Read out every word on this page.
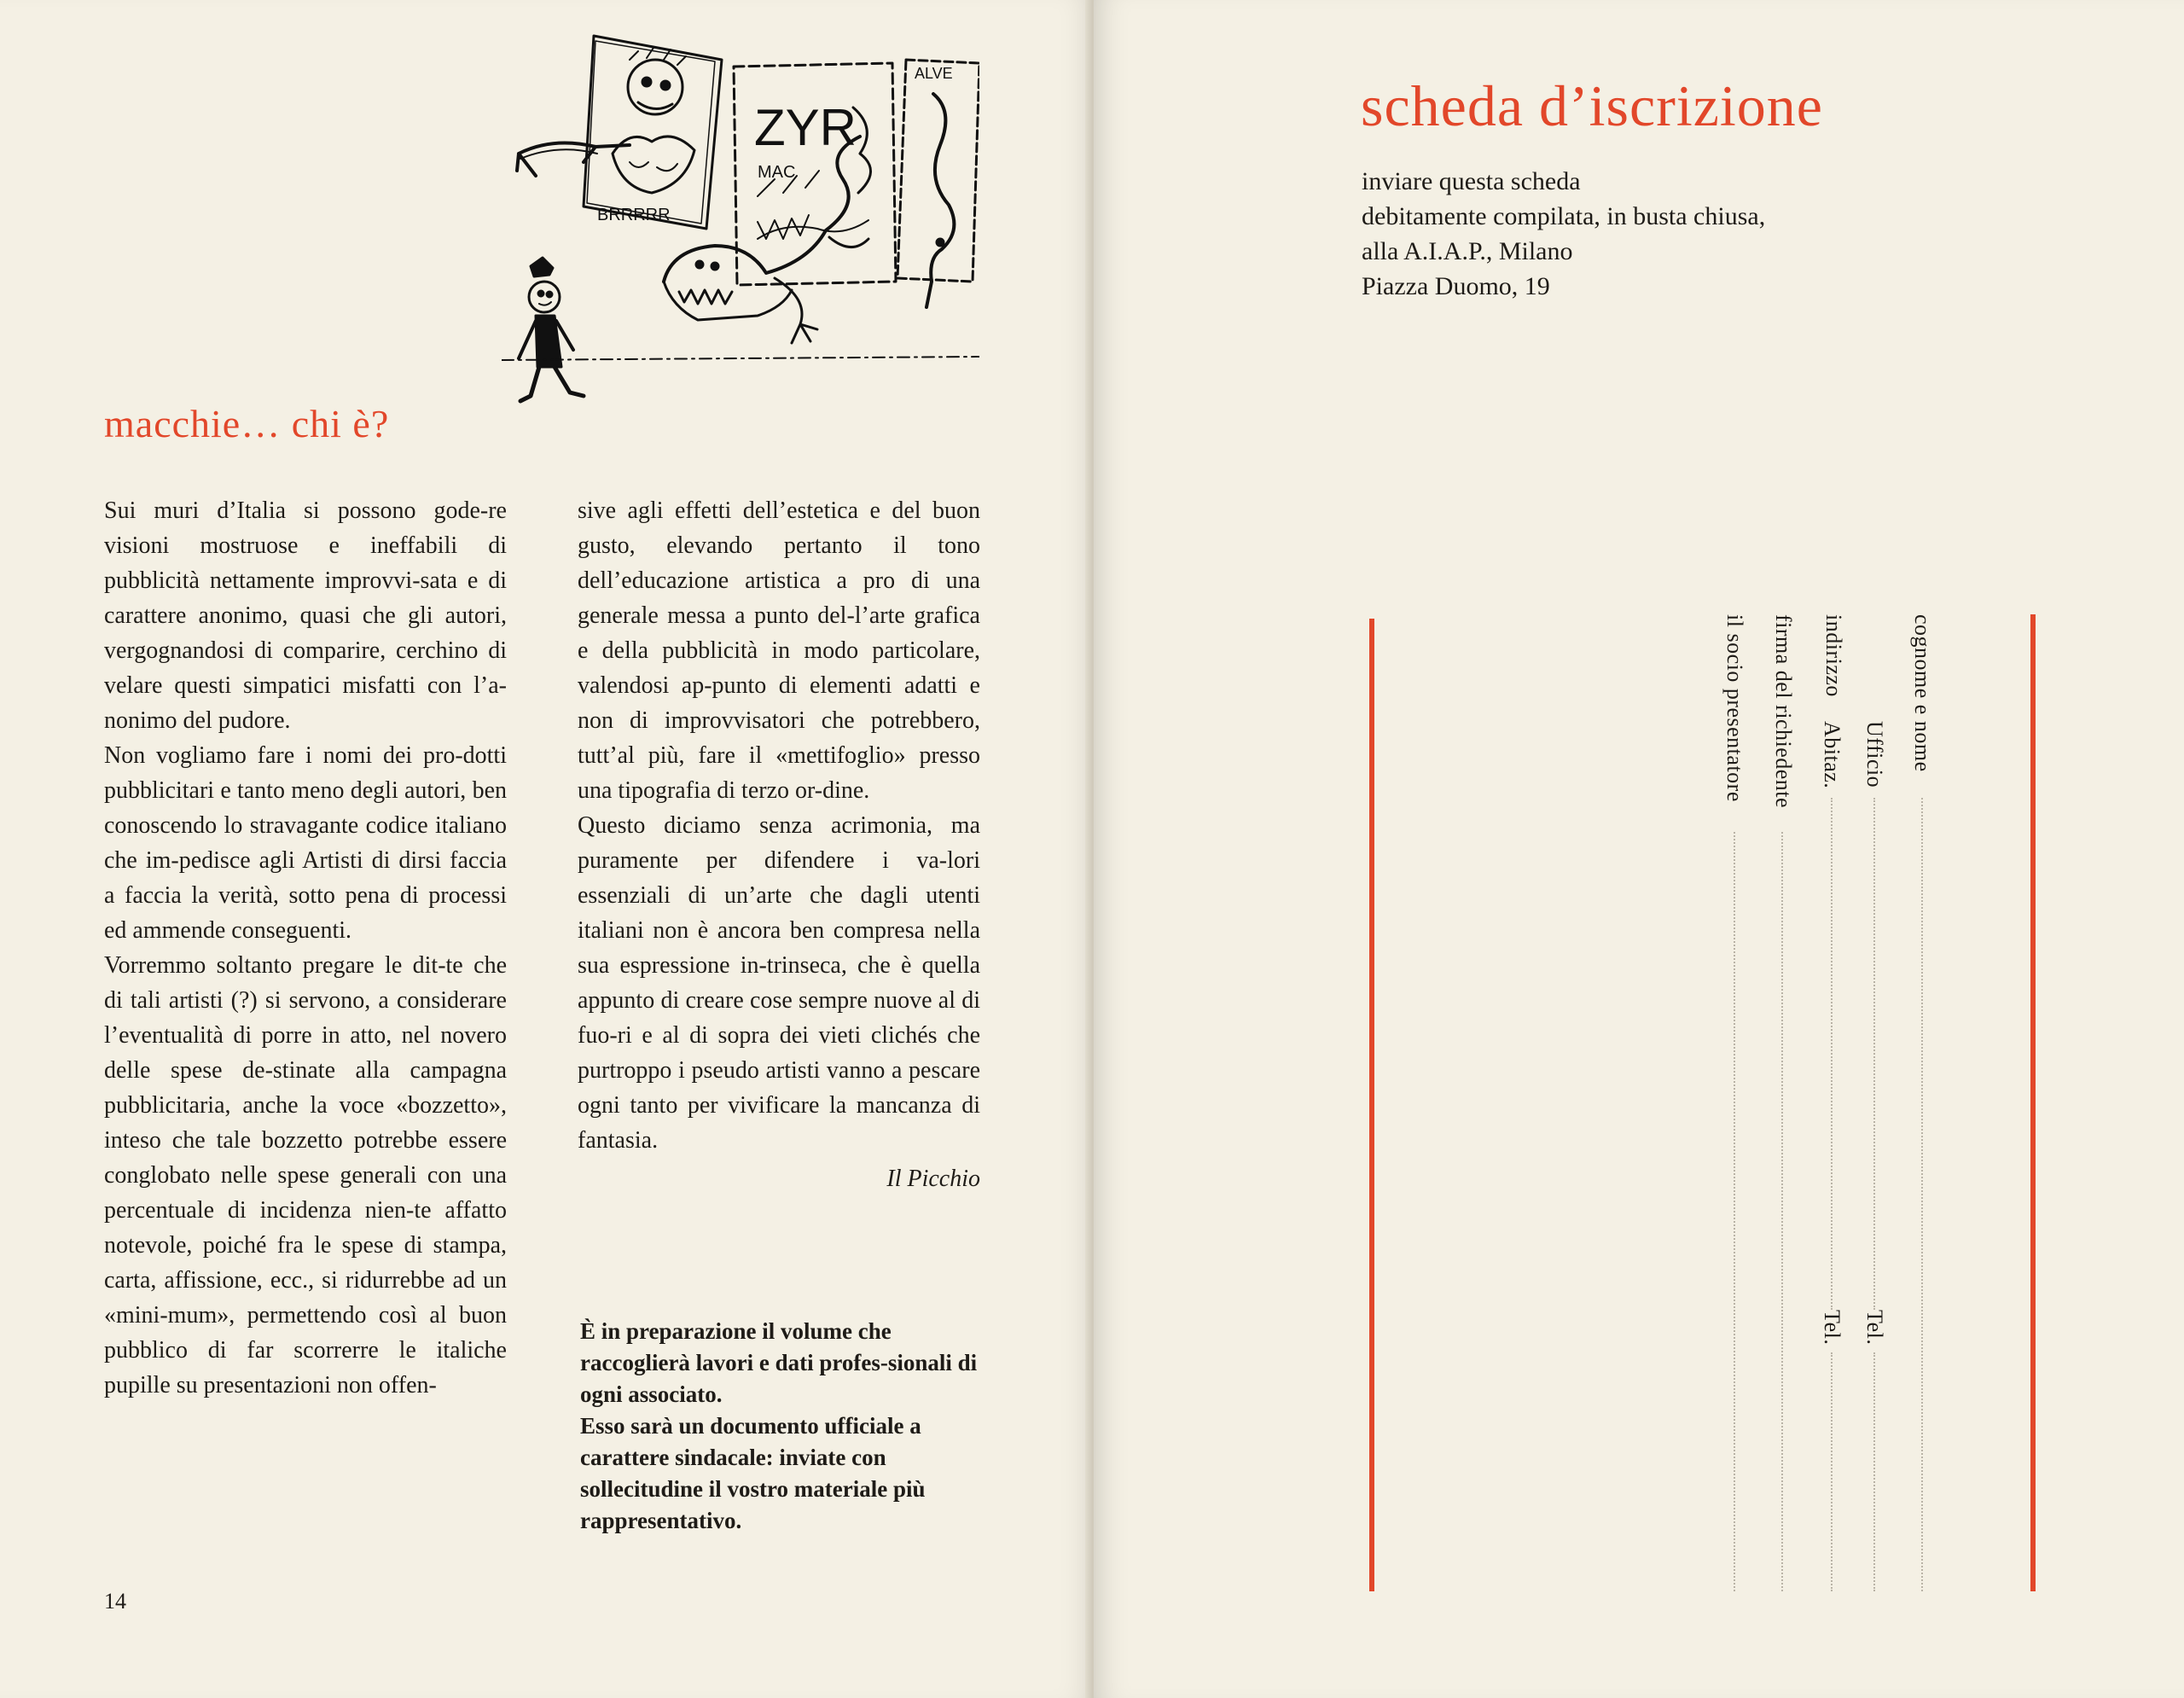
BRRRRR
ZYR
MAC
ALVE
macchie… chi è?

Sui muri d’Italia si possono gode-re visioni mostruose e ineffabili di pubblicità nettamente improvvi-sata e di carattere anonimo, quasi che gli autori, vergognandosi di comparire, cerchino di velare questi simpatici misfatti con l’a-nonimo del pudore.

Non vogliamo fare i nomi dei pro-dotti pubblicitari e tanto meno degli autori, ben conoscendo lo stravagante codice italiano che im-pedisce agli Artisti di dirsi faccia a faccia la verità, sotto pena di processi ed ammende conseguenti.

Vorremmo soltanto pregare le dit-te che di tali artisti (?) si servono, a considerare l’eventualità di porre in atto, nel novero delle spese de-stinate alla campagna pubblicitaria, anche la voce «bozzetto», inteso che tale bozzetto potrebbe essere conglobato nelle spese generali con una percentuale di incidenza nien-te affatto notevole, poiché fra le spese di stampa, carta, affissione, ecc., si ridurrebbe ad un «mini-mum», permettendo così al buon pubblico di far scorrerre le italiche pupille su presentazioni non offen-

sive agli effetti dell’estetica e del buon gusto, elevando pertanto il tono dell’educazione artistica a pro di una generale messa a punto del-l’arte grafica e della pubblicità in modo particolare, valendosi ap-punto di elementi adatti e non di improvvisatori che potrebbero, tutt’al più, fare il «mettifoglio» presso una tipografia di terzo or-dine.

Questo diciamo senza acrimonia, ma puramente per difendere i va-lori essenziali di un’arte che dagli utenti italiani non è ancora ben compresa nella sua espressione in-trinseca, che è quella appunto di creare cose sempre nuove al di fuo-ri e al di sopra dei vieti clichés che purtroppo i pseudo artisti vanno a pescare ogni tanto per vivificare la mancanza di fantasia.

Il Picchio

È in preparazione il volume che raccoglierà lavori e dati profes-sionali di ogni associato.

Esso sarà un documento ufficiale a carattere sindacale: inviate con sollecitudine il vostro materiale più rappresentativo.

14
scheda d’iscrizione
inviare questa scheda
debitamente compilata, in busta chiusa,
alla A.I.A.P., Milano
Piazza Duomo, 19
cognome e nome
indirizzo
Ufficio
Tel.
Abitaz.
Tel.
firma del richiedente
il socio presentatore
